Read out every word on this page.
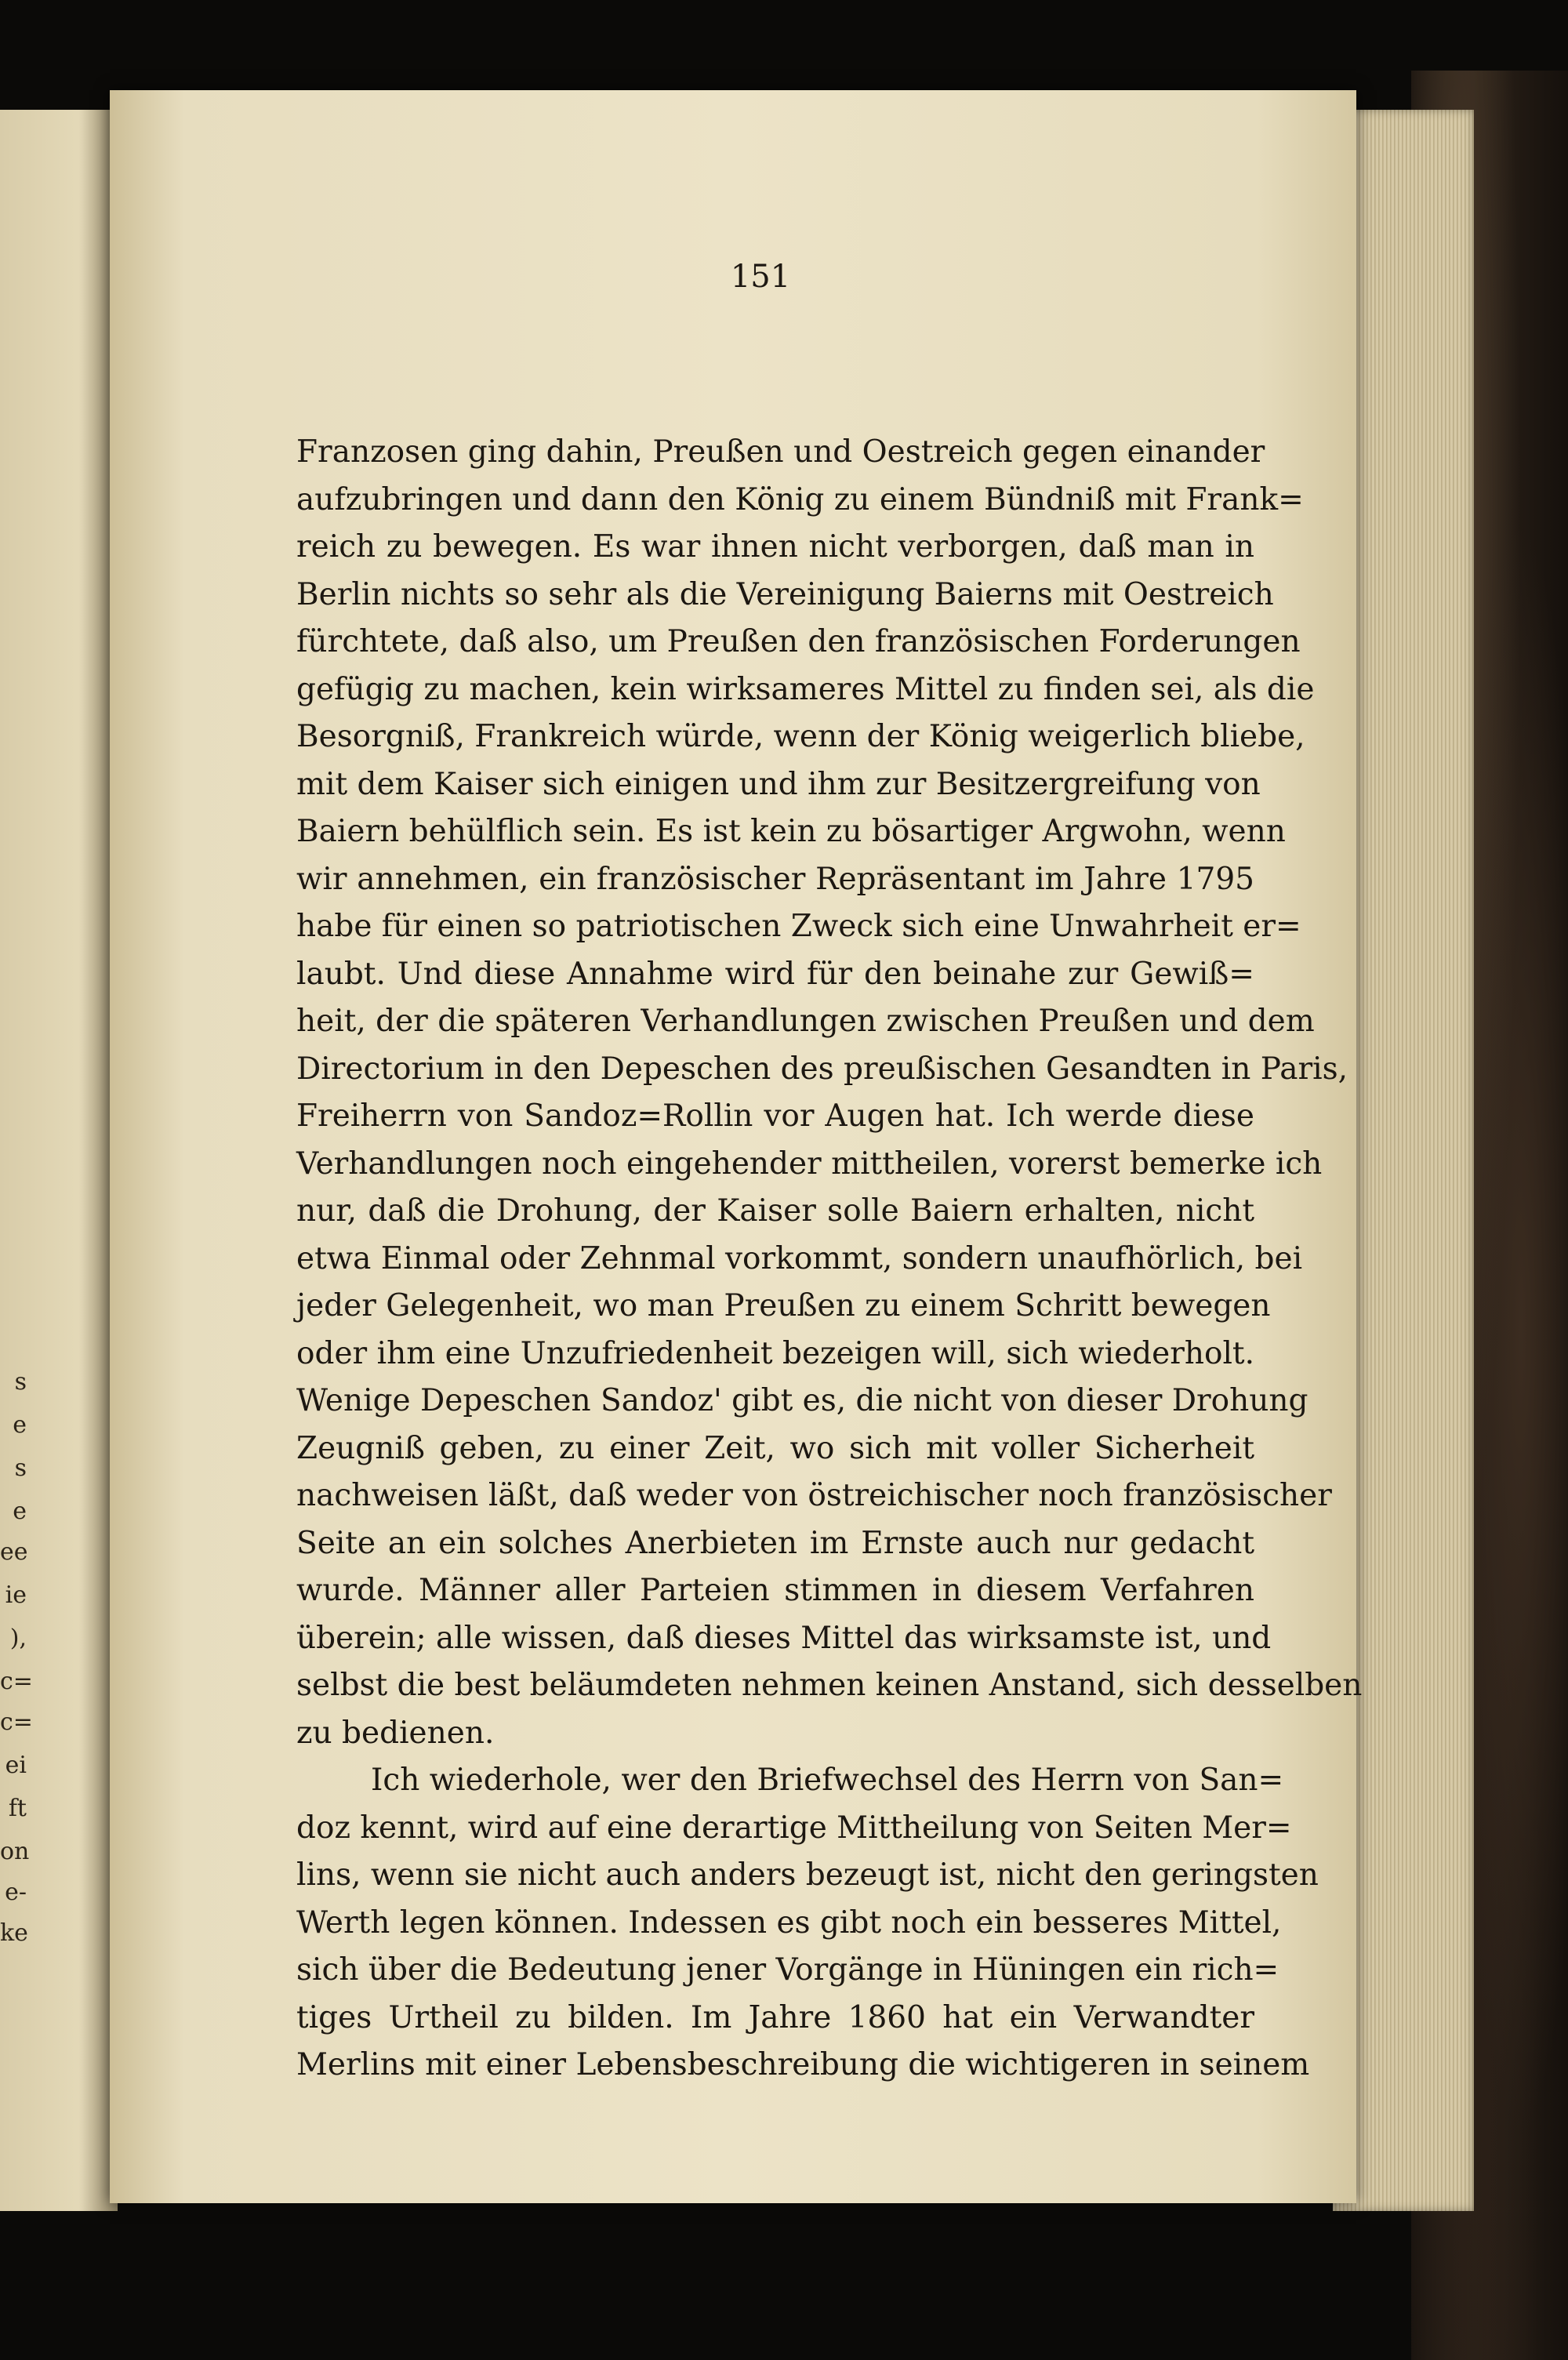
s
e
s
e
ee
ie
),
c=
c=
ei
ft
on
e-
ke
151
Franzosen ging dahin, Preußen und Oestreich gegen einander
aufzubringen und dann den König zu einem Bündniß mit Frank=
reich zu bewegen. Es war ihnen nicht verborgen, daß man in
Berlin nichts so sehr als die Vereinigung Baierns mit Oestreich
fürchtete, daß also, um Preußen den französischen Forderungen
gefügig zu machen, kein wirksameres Mittel zu finden sei, als die
Besorgniß, Frankreich würde, wenn der König weigerlich bliebe,
mit dem Kaiser sich einigen und ihm zur Besitzergreifung von
Baiern behülflich sein. Es ist kein zu bösartiger Argwohn, wenn
wir annehmen, ein französischer Repräsentant im Jahre 1795
habe für einen so patriotischen Zweck sich eine Unwahrheit er=
laubt. Und diese Annahme wird für den beinahe zur Gewiß=
heit, der die späteren Verhandlungen zwischen Preußen und dem
Directorium in den Depeschen des preußischen Gesandten in Paris,
Freiherrn von Sandoz=Rollin vor Augen hat. Ich werde diese
Verhandlungen noch eingehender mittheilen, vorerst bemerke ich
nur, daß die Drohung, der Kaiser solle Baiern erhalten, nicht
etwa Einmal oder Zehnmal vorkommt, sondern unaufhörlich, bei
jeder Gelegenheit, wo man Preußen zu einem Schritt bewegen
oder ihm eine Unzufriedenheit bezeigen will, sich wiederholt.
Wenige Depeschen Sandoz' gibt es, die nicht von dieser Drohung
Zeugniß geben, zu einer Zeit, wo sich mit voller Sicherheit
nachweisen läßt, daß weder von östreichischer noch französischer
Seite an ein solches Anerbieten im Ernste auch nur gedacht
wurde. Männer aller Parteien stimmen in diesem Verfahren
überein; alle wissen, daß dieses Mittel das wirksamste ist, und
selbst die best beläumdeten nehmen keinen Anstand, sich desselben
zu bedienen.
Ich wiederhole, wer den Briefwechsel des Herrn von San=
doz kennt, wird auf eine derartige Mittheilung von Seiten Mer=
lins, wenn sie nicht auch anders bezeugt ist, nicht den geringsten
Werth legen können. Indessen es gibt noch ein besseres Mittel,
sich über die Bedeutung jener Vorgänge in Hüningen ein rich=
tiges Urtheil zu bilden. Im Jahre 1860 hat ein Verwandter
Merlins mit einer Lebensbeschreibung die wichtigeren in seinem
